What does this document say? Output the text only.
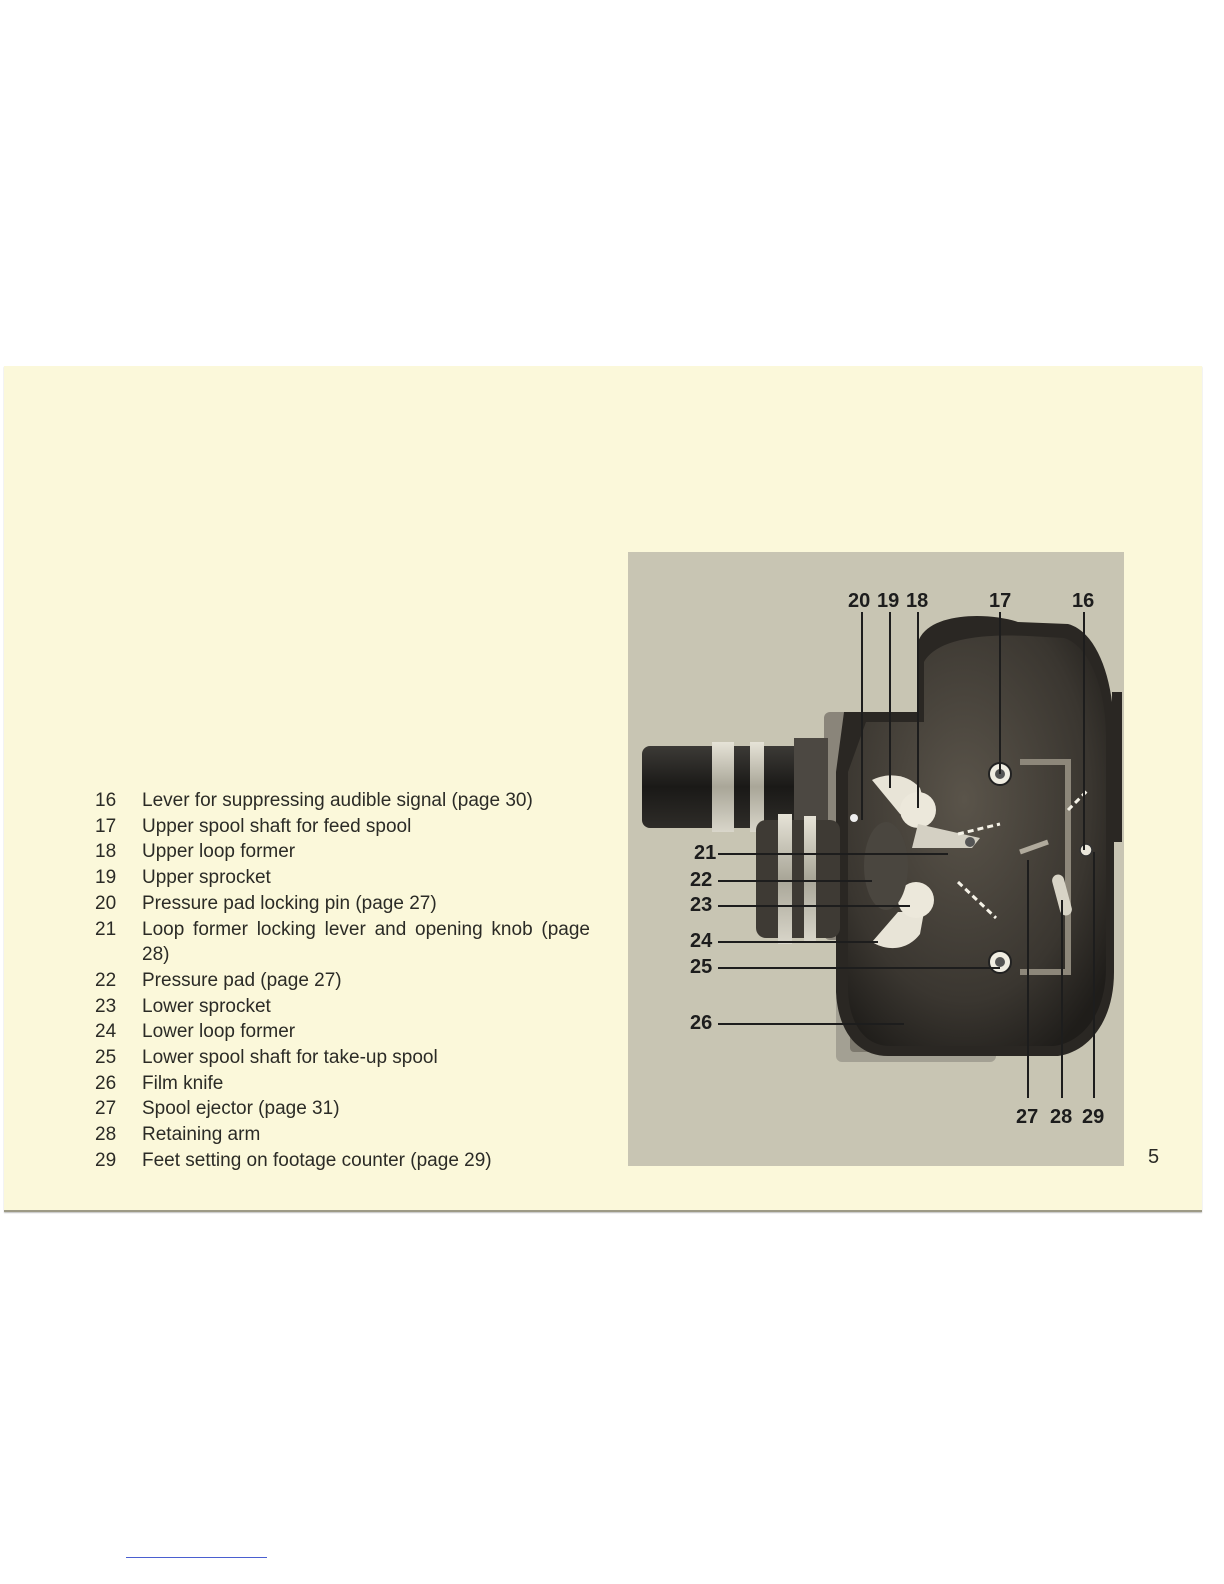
16	Lever for suppressing audible signal (page 30)
17	Upper spool shaft for feed spool
18	Upper loop former
19	Upper sprocket
20	Pressure pad locking pin (page 27)
21	Loop former locking lever and opening knob (page 28)
22	Pressure pad (page 27)
23	Lower sprocket
24	Lower loop former
25	Lower spool shaft for take-up spool
26	Film knife
27	Spool ejector (page 31)
28	Retaining arm
29	Feet setting on footage counter (page 29)
20 19 18	17	16
21
22
23
24
25
26
27 28 29
5
